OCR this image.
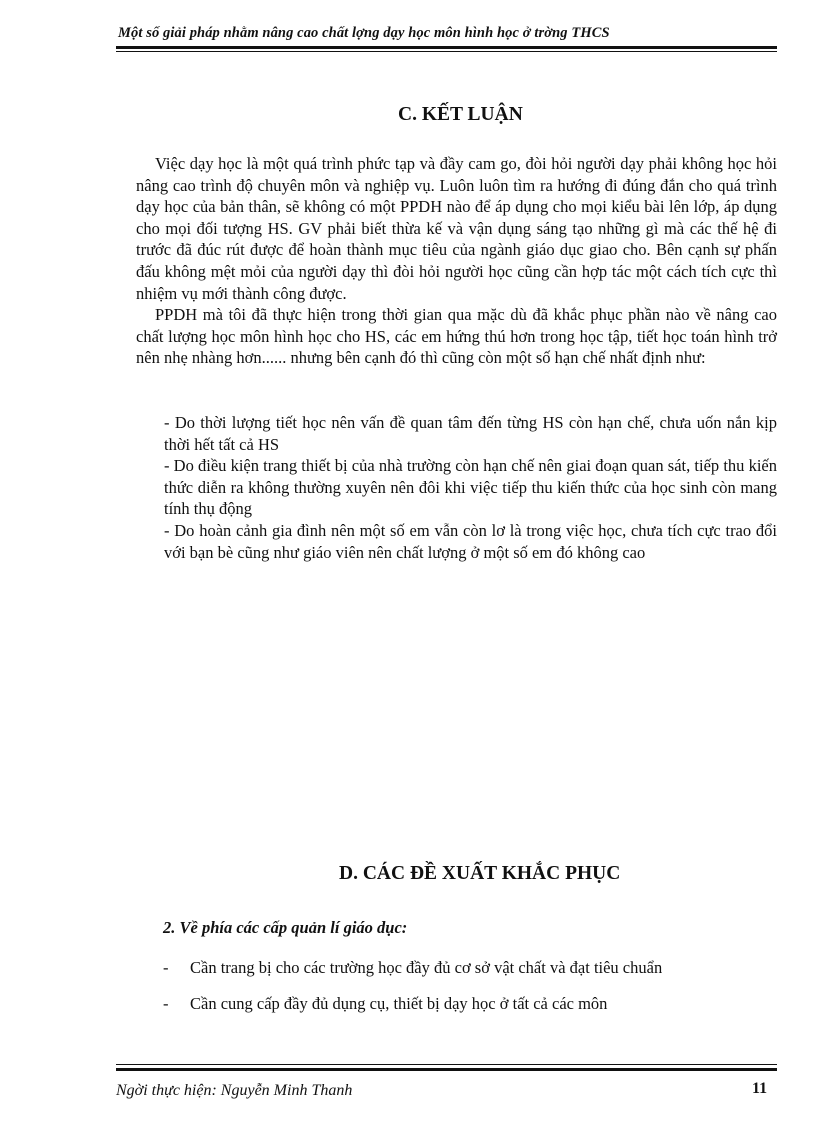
Một số giải pháp nhằm nâng cao chất lợng dạy học môn hình học ở trờng THCS
C. KẾT LUẬN

Việc dạy học là một quá trình phức tạp và đầy cam go, đòi hỏi người dạy phải không học hỏi nâng cao trình độ chuyên môn và nghiệp vụ. Luôn luôn tìm ra hướng đi đúng đắn cho quá trình dạy học của bản thân, sẽ không có một PPDH nào để áp dụng cho mọi kiểu bài lên lớp, áp dụng cho mọi đối tượng HS. GV phải biết thừa kế và vận dụng sáng tạo những gì mà các thế hệ đi trước đã đúc rút được để hoàn thành mục tiêu của ngành giáo dục giao cho. Bên cạnh sự phấn đấu không mệt mỏi của người dạy thì đòi hỏi người học cũng cần hợp tác một cách tích cực thì nhiệm vụ mới thành công được.

PPDH mà tôi đã thực hiện trong thời gian qua mặc dù đã khắc phục phần nào về nâng cao chất lượng học môn hình học cho HS, các em hứng thú hơn trong học tập, tiết học toán hình trở nên nhẹ nhàng hơn...... nhưng bên cạnh đó thì cũng còn một số hạn chế nhất định như:

- Do thời lượng tiết học nên vấn đề quan tâm đến từng HS còn hạn chế, chưa uốn nắn kịp thời hết tất cả HS
- Do điều kiện trang thiết bị của nhà trường còn hạn chế nên giai đoạn quan sát, tiếp thu kiến thức diễn ra không thường xuyên nên đôi khi việc tiếp thu kiến thức của học sinh còn mang tính thụ động
- Do hoàn cảnh gia đình nên một số em vẫn còn lơ là trong việc học, chưa tích cực trao đổi với bạn bè cũng như giáo viên nên chất lượng ở một số em đó không cao
D. CÁC ĐỀ XUẤT KHẮC PHỤC
2. Về phía các cấp quản lí giáo dục:
- Cần trang bị cho các trường học đầy đủ cơ sở vật chất và đạt tiêu chuẩn
- Cần cung cấp đầy đủ dụng cụ, thiết bị dạy học ở tất cả các môn
Ngời thực hiện: Nguyễn Minh Thanh	11
